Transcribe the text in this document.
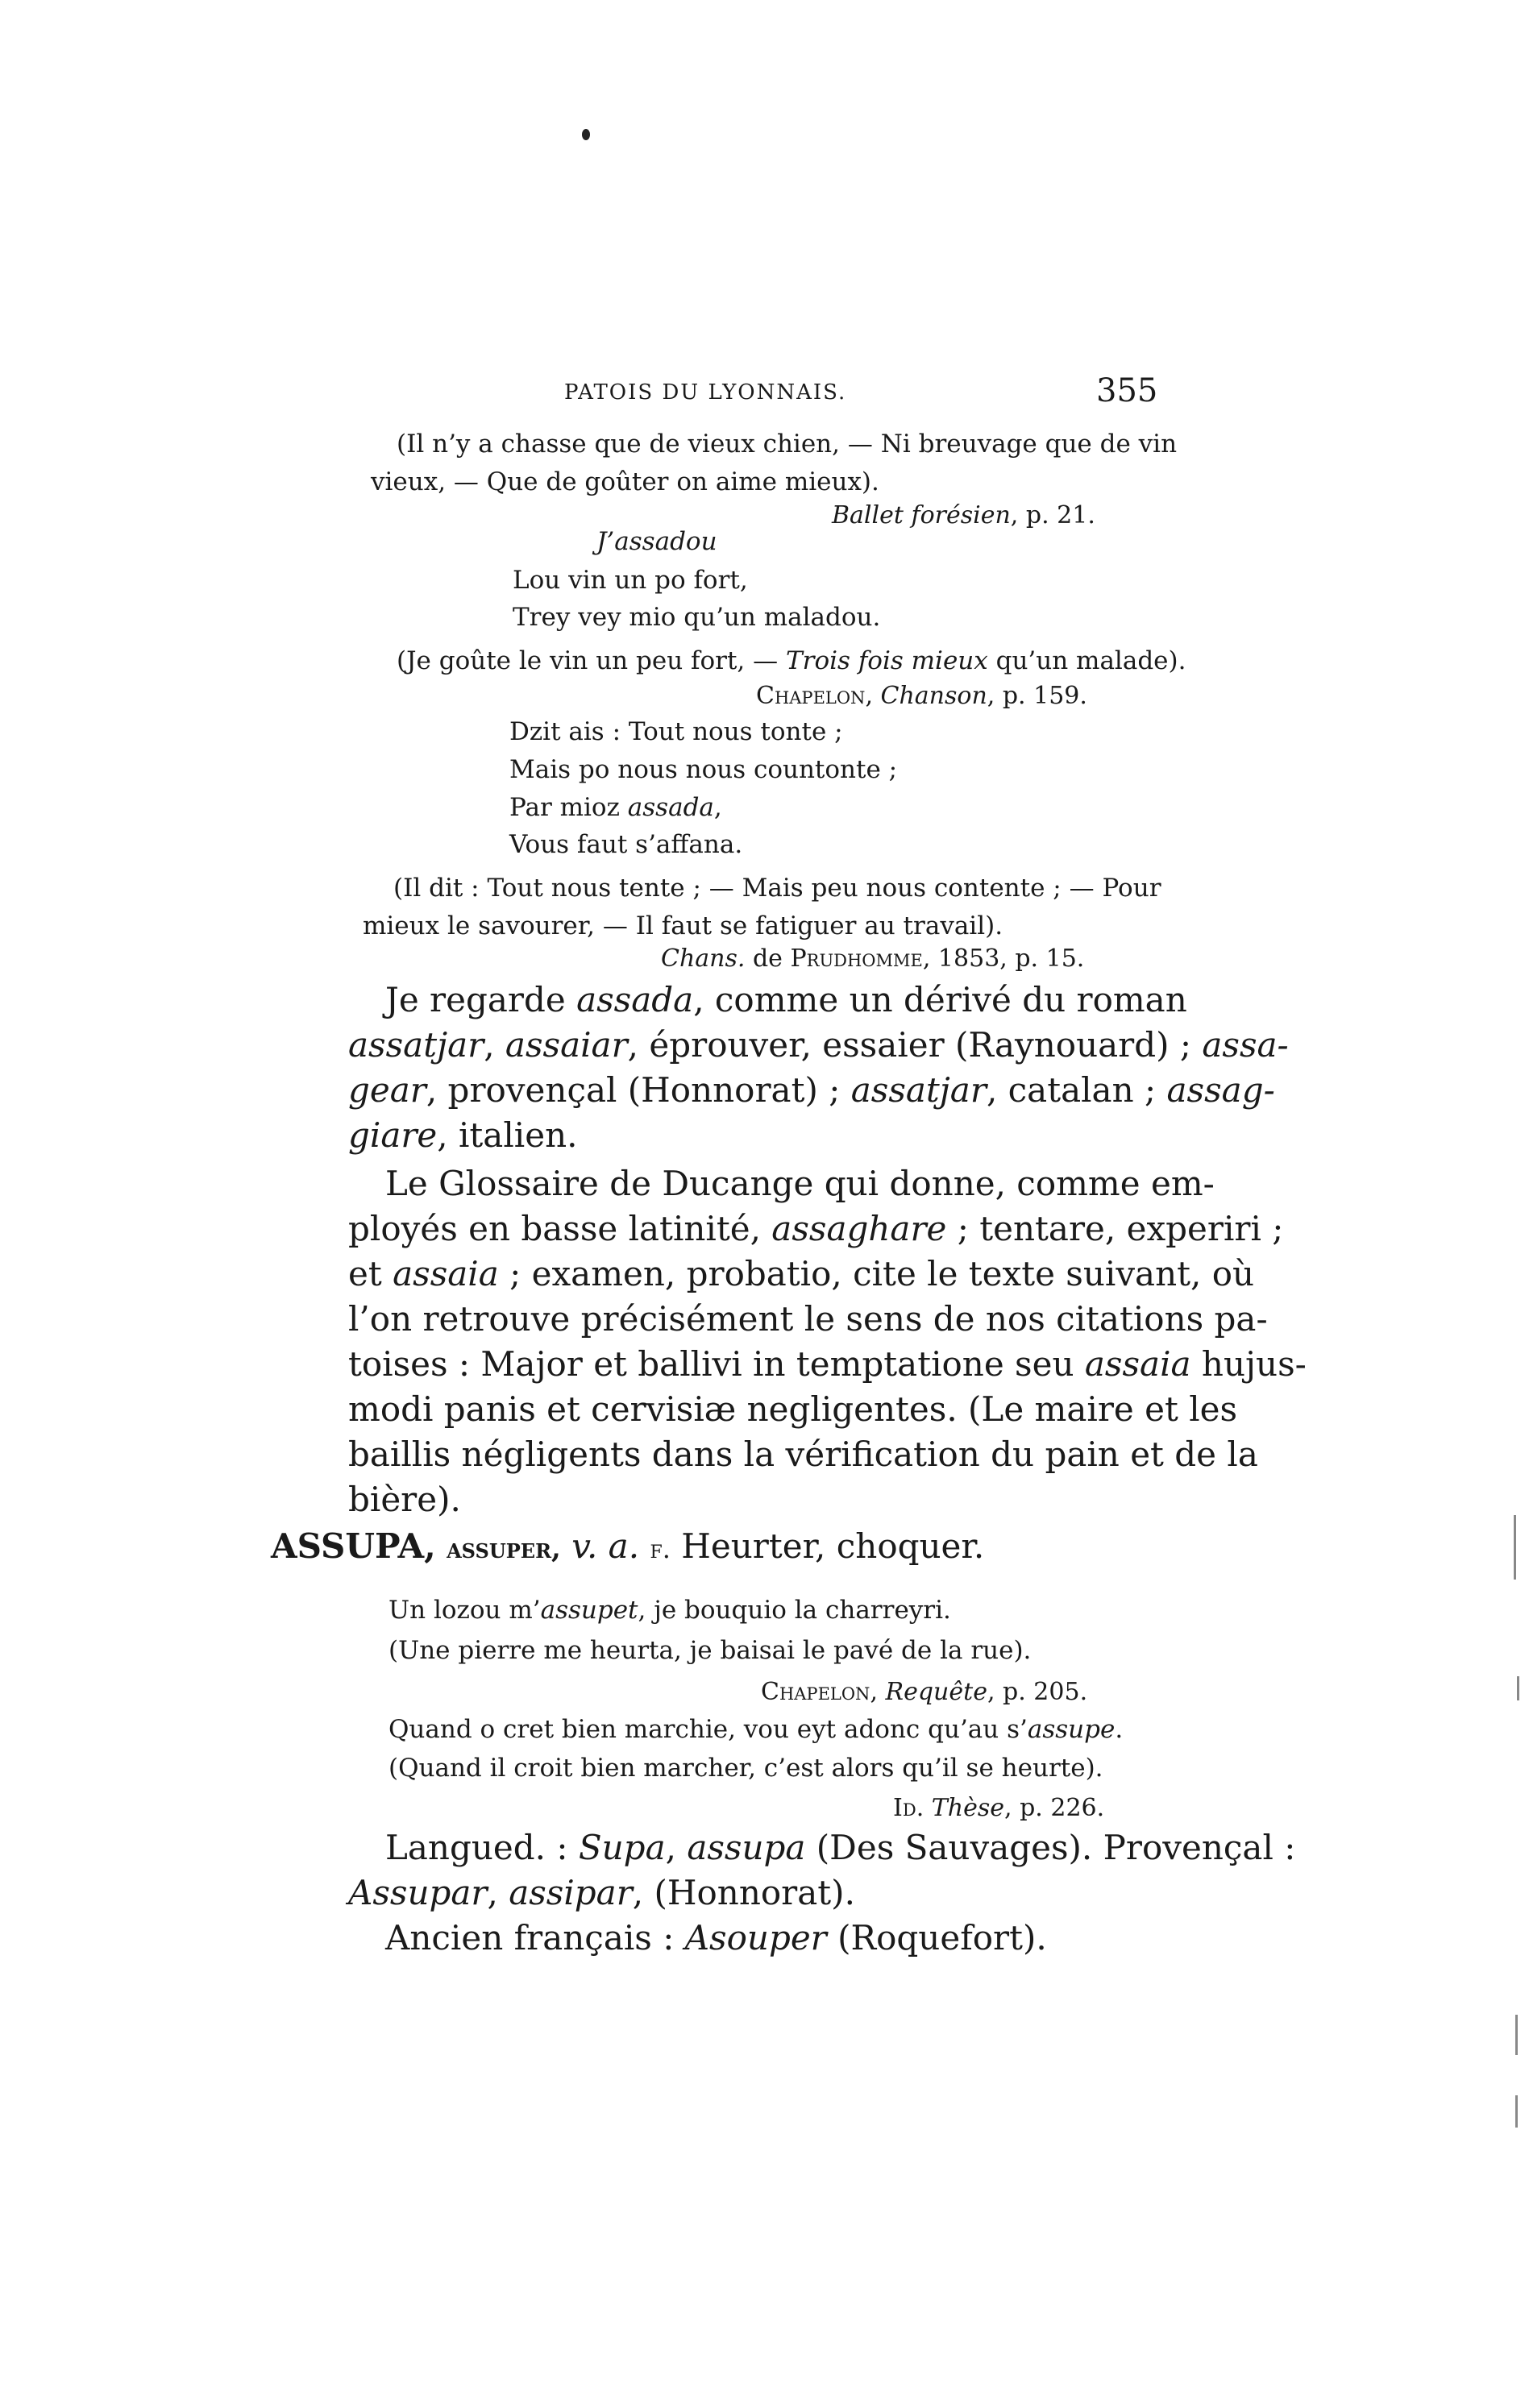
PATOIS DU LYONNAIS.	355
(Il n’y a chasse que de vieux chien, — Ni breuvage que de vin
vieux, — Que de goûter on aime mieux).
Ballet forésien, p. 21.
J’assadou
Lou vin un po fort,
Trey vey mio qu’un maladou.
(Je goûte le vin un peu fort, — Trois fois mieux qu’un malade).
Chapelon, Chanson, p. 159.
Dzit ais : Tout nous tonte ;
Mais po nous nous countonte ;
Par mioz assada,
Vous faut s’affana.
(Il dit : Tout nous tente ; — Mais peu nous contente ; — Pour
mieux le savourer, — Il faut se fatiguer au travail).
Chans. de Prudhomme, 1853, p. 15.
Je regarde assada, comme un dérivé du roman
assatjar, assaiar, éprouver, essaier (Raynouard) ; assa-
gear, provençal (Honnorat) ; assatjar, catalan ; assag-
giare, italien.
Le Glossaire de Ducange qui donne, comme em-
ployés en basse latinité, assaghare ; tentare, experiri ;
et assaia ; examen, probatio, cite le texte suivant, où
l’on retrouve précisément le sens de nos citations pa-
toises : Major et ballivi in temptatione seu assaia hujus-
modi panis et cervisiæ negligentes. (Le maire et les
baillis négligents dans la vérification du pain et de la
bière).
ASSUPA, assuper, v. a. f. Heurter, choquer.
Un lozou m’assupet, je bouquio la charreyri.
(Une pierre me heurta, je baisai le pavé de la rue).
Chapelon, Requête, p. 205.
Quand o cret bien marchie, vou eyt adonc qu’au s’assupe.
(Quand il croit bien marcher, c’est alors qu’il se heurte).
Id. Thèse, p. 226.
Langued. : Supa, assupa (Des Sauvages). Provençal :
Assupar, assipar, (Honnorat).
Ancien français : Asouper (Roquefort).
